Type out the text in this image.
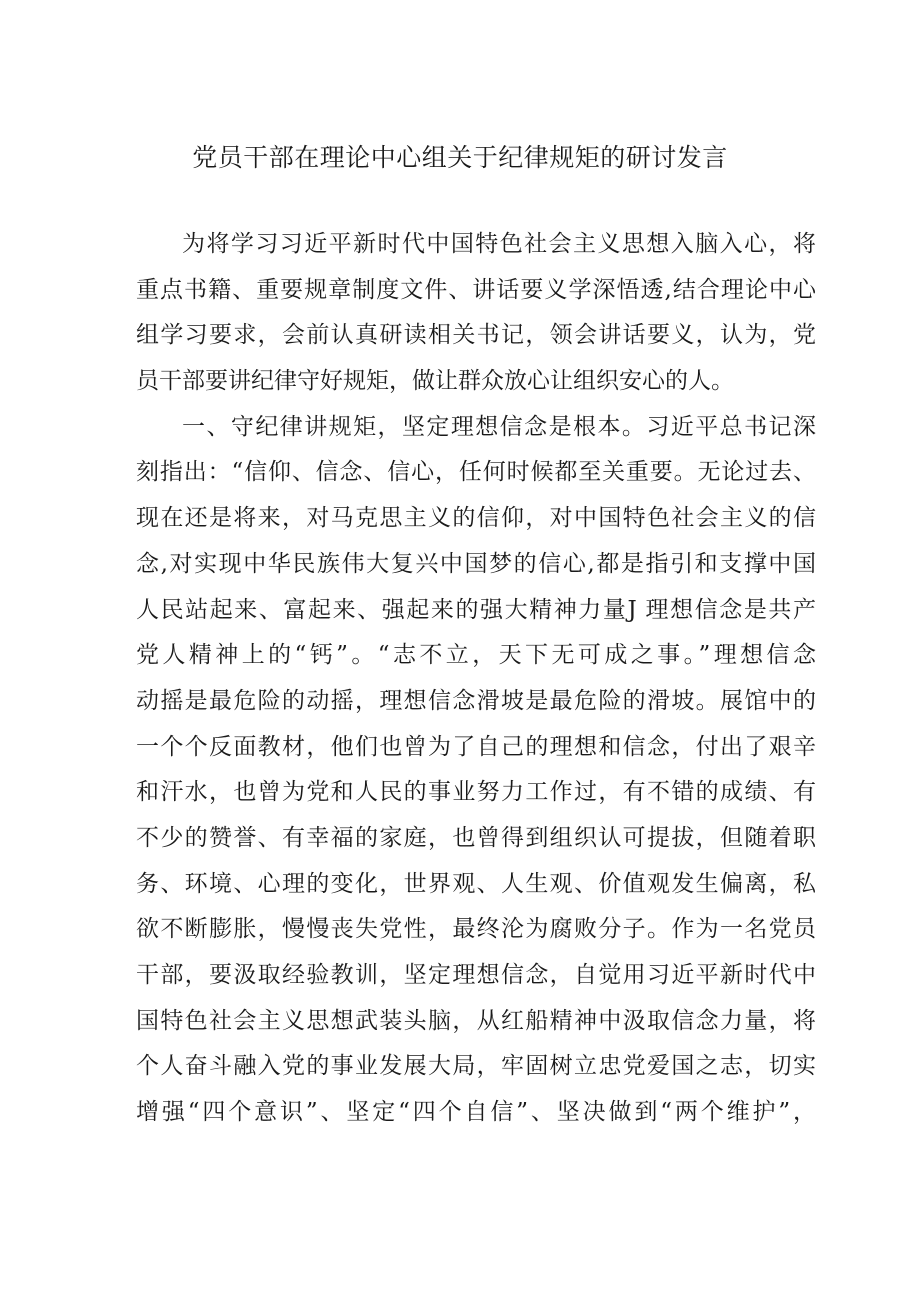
党员干部在理论中心组关于纪律规矩的研讨发言
为将学习习近平新时代中国特色社会主义思想入脑入心，将
重点书籍、重要规章制度文件、讲话要义学深悟透,结合理论中心
组学习要求，会前认真研读相关书记，领会讲话要义，认为，党
员干部要讲纪律守好规矩，做让群众放心让组织安心的人。
一、守纪律讲规矩，坚定理想信念是根本。习近平总书记深
刻指出：“信仰、信念、信心，任何时候都至关重要。无论过去、
现在还是将来，对马克思主义的信仰，对中国特色社会主义的信
念,对实现中华民族伟大复兴中国梦的信心,都是指引和支撑中国
人民站起来、富起来、强起来的强大精神力量J 理想信念是共产
党人精神上的“钙”。“志不立，天下无可成之事。”理想信念
动摇是最危险的动摇，理想信念滑坡是最危险的滑坡。展馆中的
一个个反面教材，他们也曾为了自己的理想和信念，付出了艰辛
和汗水，也曾为党和人民的事业努力工作过，有不错的成绩、有
不少的赞誉、有幸福的家庭，也曾得到组织认可提拔，但随着职
务、环境、心理的变化，世界观、人生观、价值观发生偏离，私
欲不断膨胀，慢慢丧失党性，最终沦为腐败分子。作为一名党员
干部，要汲取经验教训，坚定理想信念，自觉用习近平新时代中
国特色社会主义思想武装头脑，从红船精神中汲取信念力量，将
个人奋斗融入党的事业发展大局，牢固树立忠党爱国之志，切实
增强“四个意识”、坚定“四个自信”、坚决做到“两个维护”，
